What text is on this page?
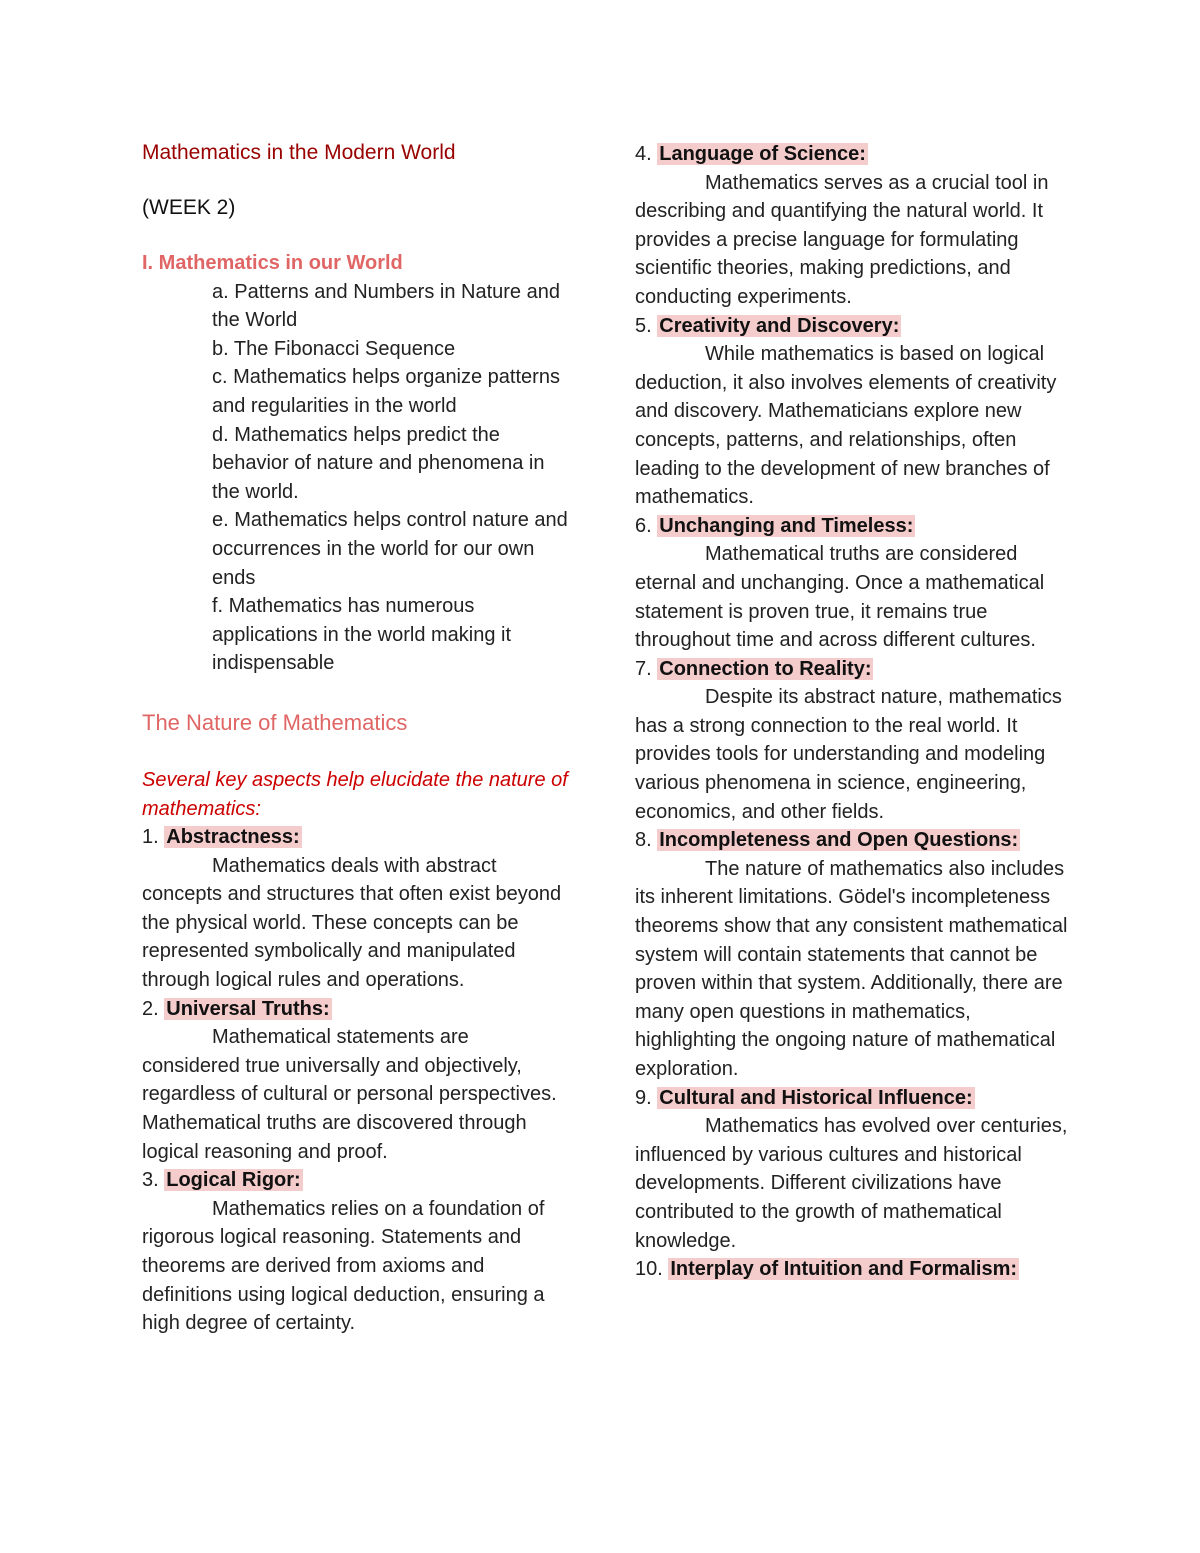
Mathematics in the Modern World
(WEEK 2)
I. Mathematics in our World
a. Patterns and Numbers in Nature and the World
b. The Fibonacci Sequence
c. Mathematics helps organize patterns and regularities in the world
d. Mathematics helps predict the behavior of nature and phenomena in the world.
e. Mathematics helps control nature and occurrences in the world for our own ends
f. Mathematics has numerous applications in the world making it indispensable
The Nature of Mathematics
Several key aspects help elucidate the nature of mathematics:
1. Abstractness:
Mathematics deals with abstract concepts and structures that often exist beyond the physical world. These concepts can be represented symbolically and manipulated through logical rules and operations.
2. Universal Truths:
Mathematical statements are considered true universally and objectively, regardless of cultural or personal perspectives. Mathematical truths are discovered through logical reasoning and proof.
3. Logical Rigor:
Mathematics relies on a foundation of rigorous logical reasoning. Statements and theorems are derived from axioms and definitions using logical deduction, ensuring a high degree of certainty.
4. Language of Science:
Mathematics serves as a crucial tool in describing and quantifying the natural world. It provides a precise language for formulating scientific theories, making predictions, and conducting experiments.
5. Creativity and Discovery:
While mathematics is based on logical deduction, it also involves elements of creativity and discovery. Mathematicians explore new concepts, patterns, and relationships, often leading to the development of new branches of mathematics.
6. Unchanging and Timeless:
Mathematical truths are considered eternal and unchanging. Once a mathematical statement is proven true, it remains true throughout time and across different cultures.
7. Connection to Reality:
Despite its abstract nature, mathematics has a strong connection to the real world. It provides tools for understanding and modeling various phenomena in science, engineering, economics, and other fields.
8. Incompleteness and Open Questions:
The nature of mathematics also includes its inherent limitations. Gödel's incompleteness theorems show that any consistent mathematical system will contain statements that cannot be proven within that system. Additionally, there are many open questions in mathematics, highlighting the ongoing nature of mathematical exploration.
9. Cultural and Historical Influence:
Mathematics has evolved over centuries, influenced by various cultures and historical developments. Different civilizations have contributed to the growth of mathematical knowledge.
10. Interplay of Intuition and Formalism:
